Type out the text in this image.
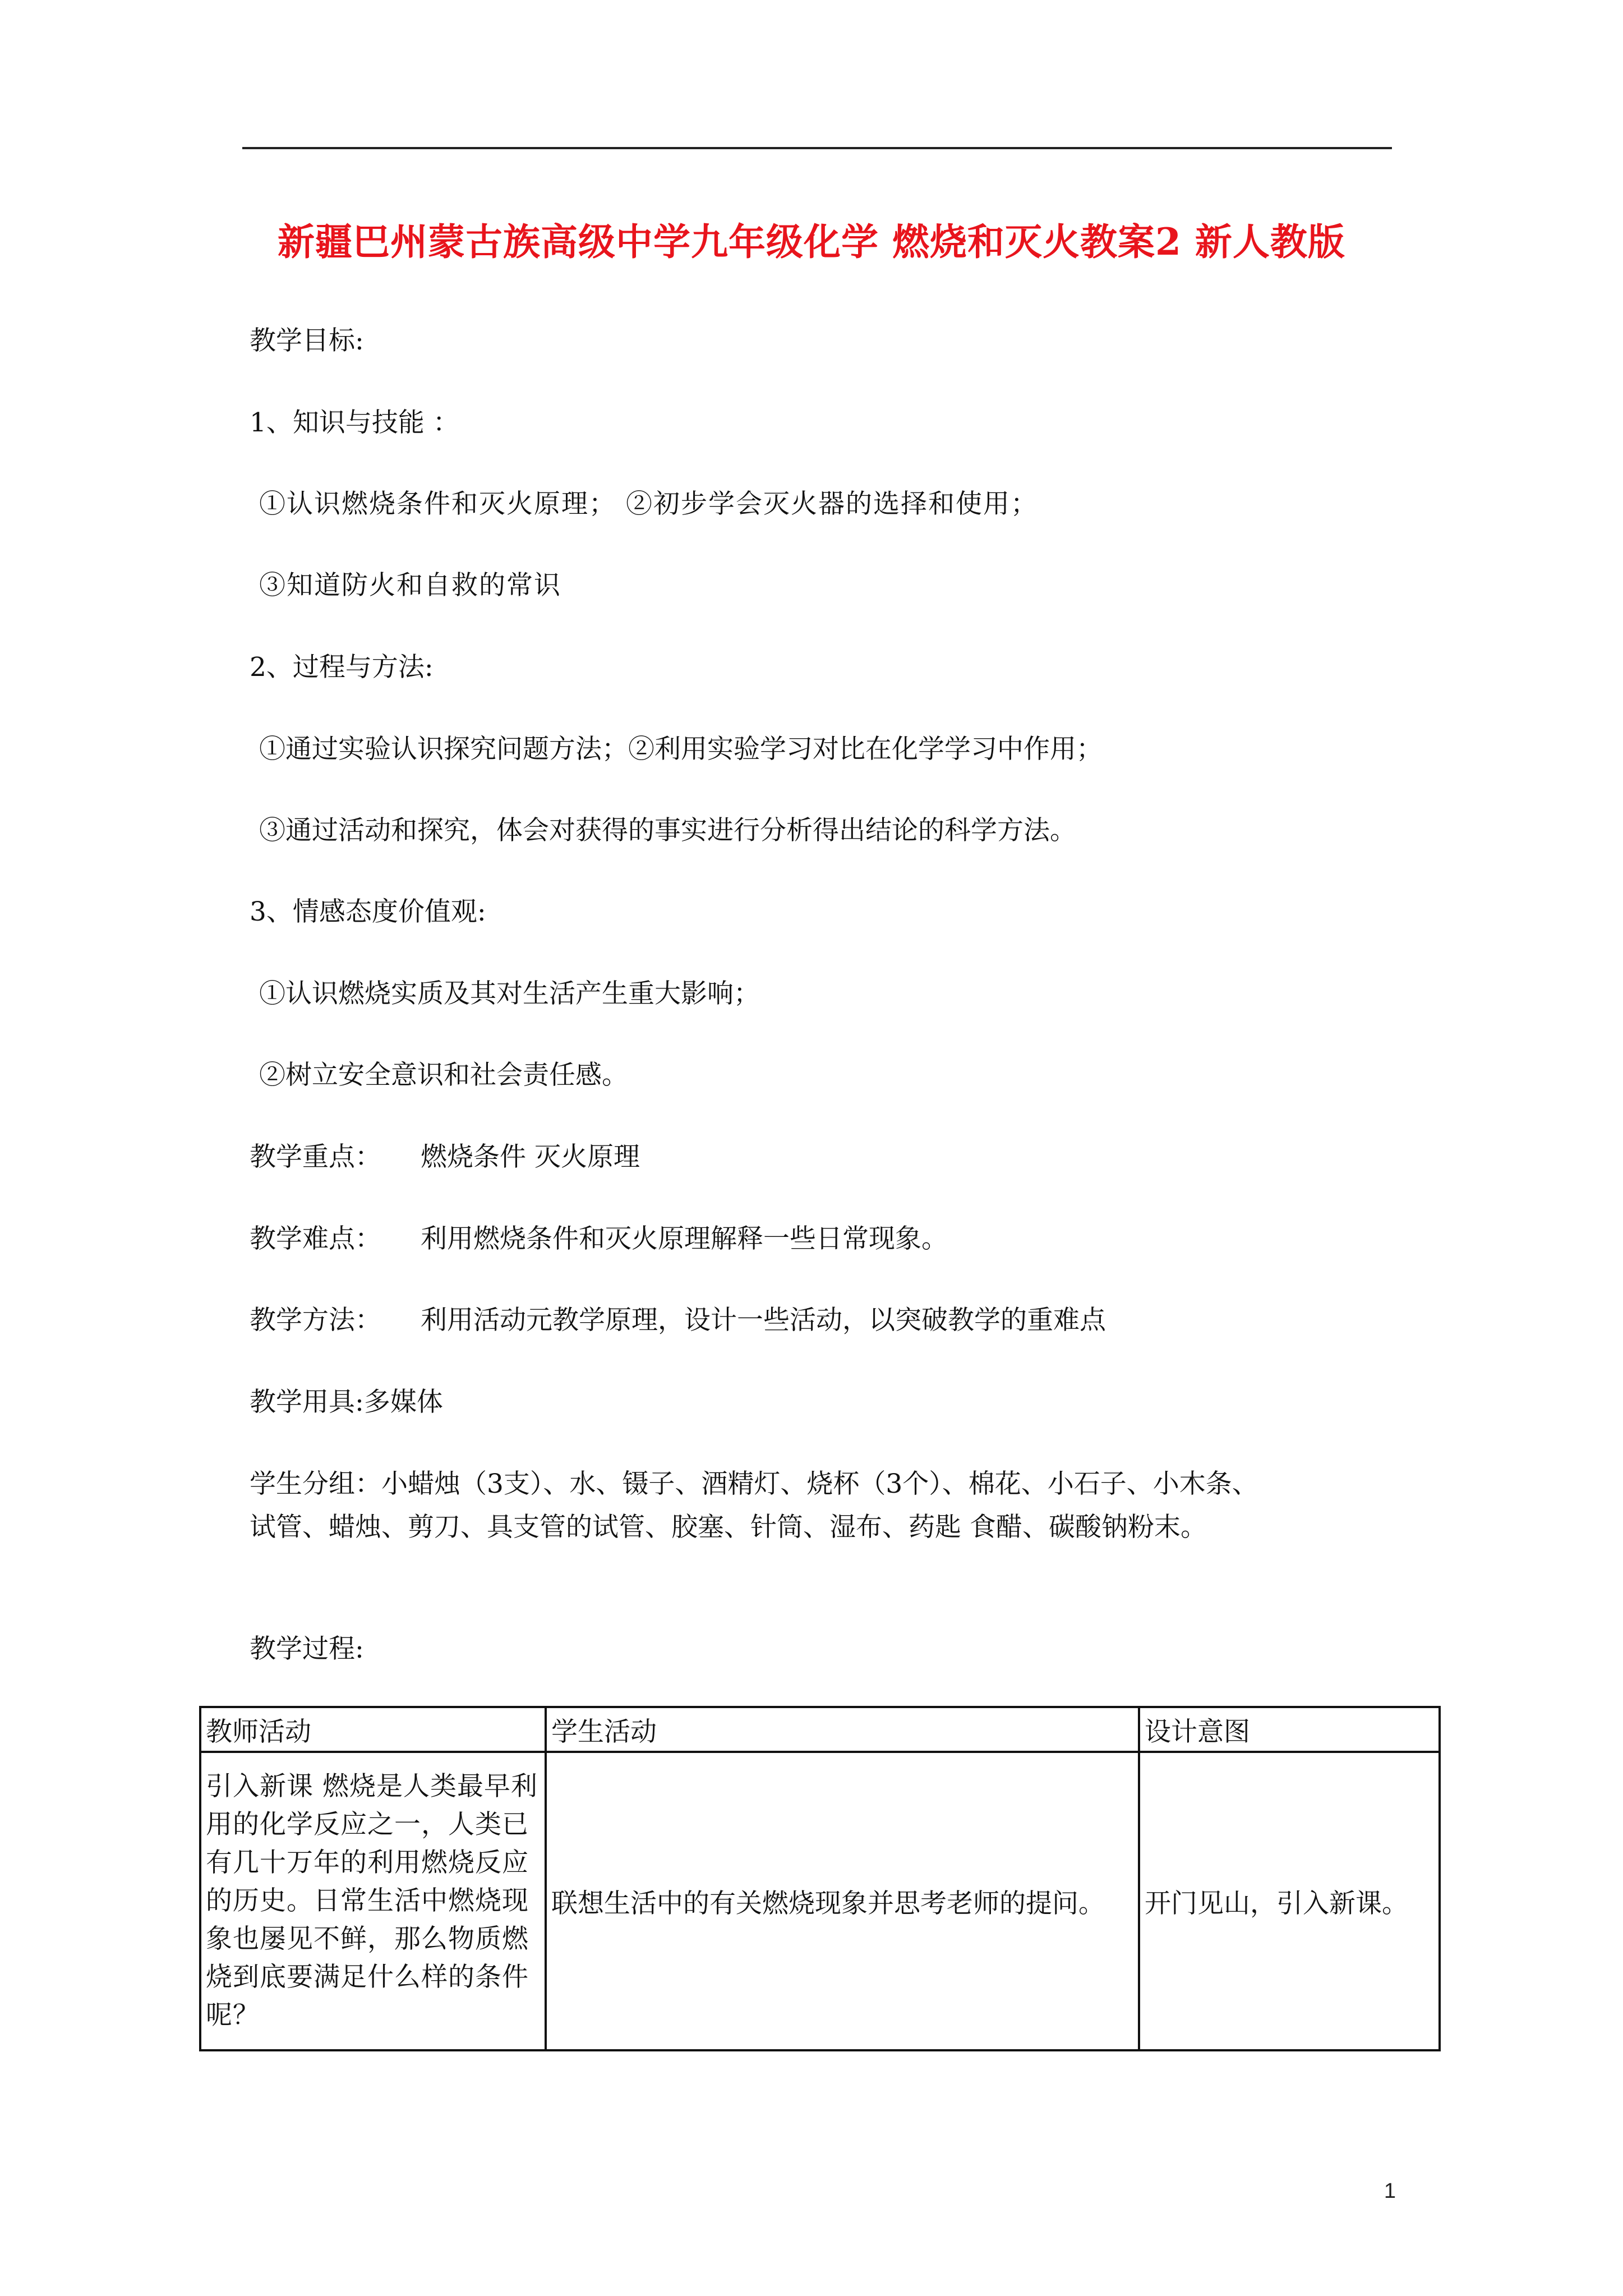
新疆巴州蒙古族高级中学九年级化学 燃烧和灭火教案2 新人教版
教学目标:
1、知识与技能 ：
①认识燃烧条件和灭火原理； ②初步学会灭火器的选择和使用；
③知道防火和自救的常识
2、过程与方法:
①通过实验认识探究问题方法；②利用实验学习对比在化学学习中作用；
③通过活动和探究，体会对获得的事实进行分析得出结论的科学方法。
3、情感态度价值观:
①认识燃烧实质及其对生活产生重大影响；
②树立安全意识和社会责任感。
教学重点： 燃烧条件 灭火原理
教学难点： 利用燃烧条件和灭火原理解释一些日常现象。
教学方法： 利用活动元教学原理，设计一些活动，以突破教学的重难点
教学用具:多媒体
学生分组：小蜡烛（3支）、水、镊子、酒精灯、烧杯（3个）、棉花、小石子、小木条、
试管、蜡烛、剪刀、具支管的试管、胶塞、针筒、湿布、药匙 食醋、碳酸钠粉末。
教学过程:
教师活动	学生活动	设计意图
引入新课 燃烧是人类最早利用的化学反应之一，人类已有几十万年的利用燃烧反应的历史。日常生活中燃烧现象也屡见不鲜，那么物质燃烧到底要满足什么样的条件呢？	联想生活中的有关燃烧现象并思考老师的提问。	开门见山，引入新课。
1
